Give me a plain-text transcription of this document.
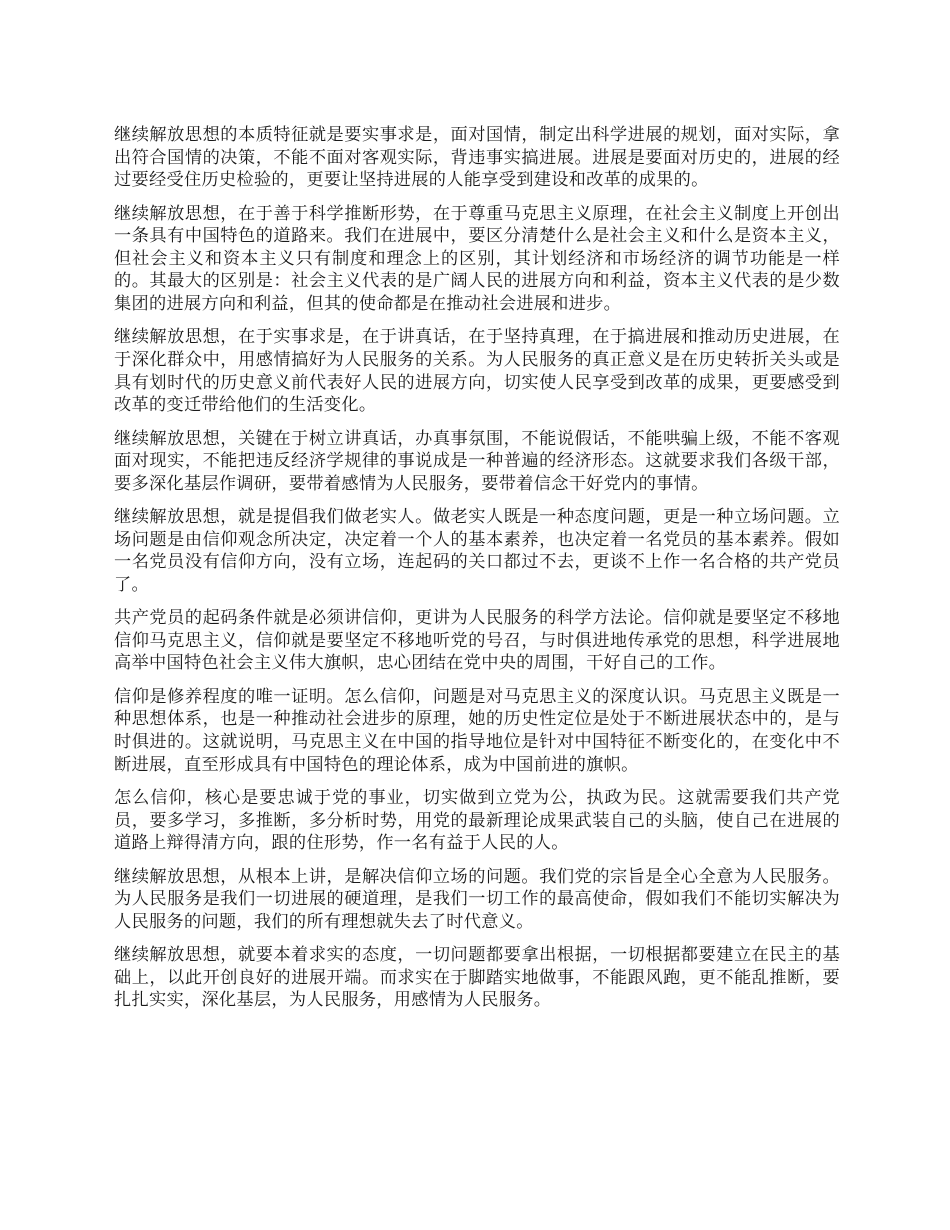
继续解放思想的本质特征就是要实事求是，面对国情，制定出科学进展的规划，面对实际，拿出符合国情的决策，不能不面对客观实际，背违事实搞进展。进展是要面对历史的，进展的经过要经受住历史检验的，更要让坚持进展的人能享受到建设和改革的成果的。

继续解放思想，在于善于科学推断形势，在于尊重马克思主义原理，在社会主义制度上开创出一条具有中国特色的道路来。我们在进展中，要区分清楚什么是社会主义和什么是资本主义，但社会主义和资本主义只有制度和理念上的区别，其计划经济和市场经济的调节功能是一样的。其最大的区别是：社会主义代表的是广阔人民的进展方向和利益，资本主义代表的是少数集团的进展方向和利益，但其的使命都是在推动社会进展和进步。

继续解放思想，在于实事求是，在于讲真话，在于坚持真理，在于搞进展和推动历史进展，在于深化群众中，用感情搞好为人民服务的关系。为人民服务的真正意义是在历史转折关头或是具有划时代的历史意义前代表好人民的进展方向，切实使人民享受到改革的成果，更要感受到改革的变迁带给他们的生活变化。

继续解放思想，关键在于树立讲真话，办真事氛围，不能说假话，不能哄骗上级，不能不客观面对现实，不能把违反经济学规律的事说成是一种普遍的经济形态。这就要求我们各级干部，要多深化基层作调研，要带着感情为人民服务，要带着信念干好党内的事情。

继续解放思想，就是提倡我们做老实人。做老实人既是一种态度问题，更是一种立场问题。立场问题是由信仰观念所决定，决定着一个人的基本素养，也决定着一名党员的基本素养。假如一名党员没有信仰方向，没有立场，连起码的关口都过不去，更谈不上作一名合格的共产党员了。

共产党员的起码条件就是必须讲信仰，更讲为人民服务的科学方法论。信仰就是要坚定不移地信仰马克思主义，信仰就是要坚定不移地听党的号召，与时俱进地传承党的思想，科学进展地高举中国特色社会主义伟大旗帜，忠心团结在党中央的周围，干好自己的工作。

信仰是修养程度的唯一证明。怎么信仰，问题是对马克思主义的深度认识。马克思主义既是一种思想体系，也是一种推动社会进步的原理，她的历史性定位是处于不断进展状态中的，是与时俱进的。这就说明，马克思主义在中国的指导地位是针对中国特征不断变化的，在变化中不断进展，直至形成具有中国特色的理论体系，成为中国前进的旗帜。

怎么信仰，核心是要忠诚于党的事业，切实做到立党为公，执政为民。这就需要我们共产党员，要多学习，多推断，多分析时势，用党的最新理论成果武装自己的头脑，使自己在进展的道路上辩得清方向，跟的住形势，作一名有益于人民的人。

继续解放思想，从根本上讲，是解决信仰立场的问题。我们党的宗旨是全心全意为人民服务。为人民服务是我们一切进展的硬道理，是我们一切工作的最高使命，假如我们不能切实解决为人民服务的问题，我们的所有理想就失去了时代意义。

继续解放思想，就要本着求实的态度，一切问题都要拿出根据，一切根据都要建立在民主的基础上，以此开创良好的进展开端。而求实在于脚踏实地做事，不能跟风跑，更不能乱推断，要扎扎实实，深化基层，为人民服务，用感情为人民服务。
